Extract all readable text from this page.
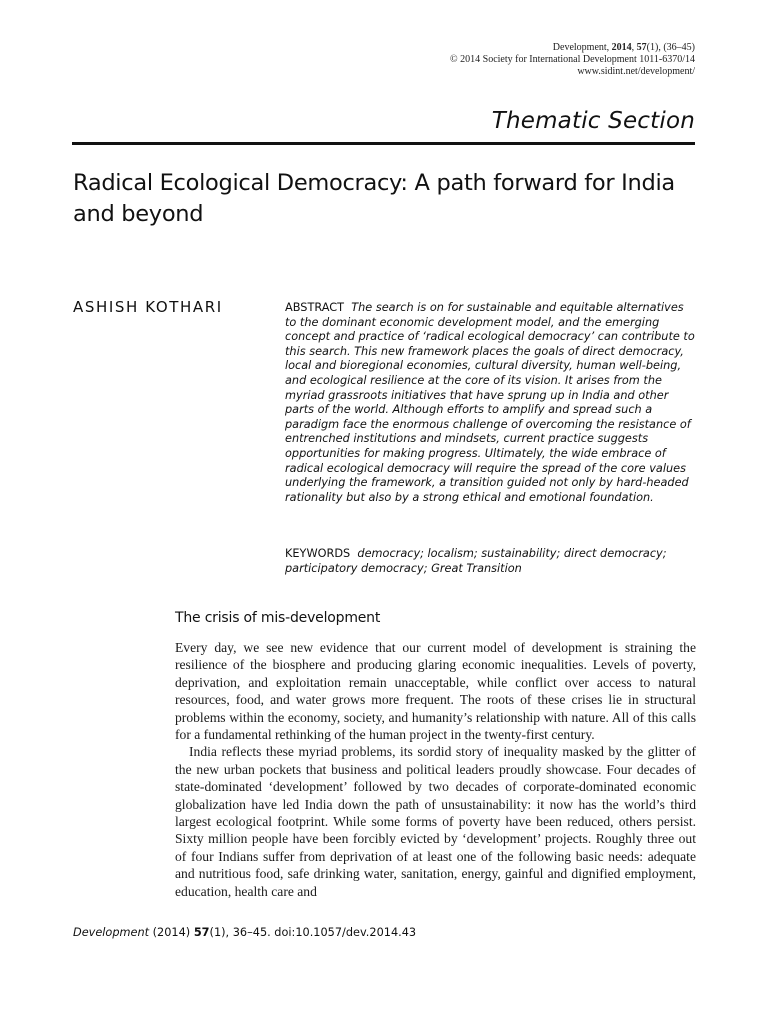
Development, 2014, 57(1), (36–45)
© 2014 Society for International Development 1011-6370/14
www.sidint.net/development/
Thematic Section
Radical Ecological Democracy: A path forward for India and beyond
ASHISH KOTHARI	ABSTRACT The search is on for sustainable and equitable alternatives to the dominant economic development model, and the emerging concept and practice of ‘radical ecological democracy’ can contribute to this search. This new framework places the goals of direct democracy, local and bioregional economies, cultural diversity, human well-being, and ecological resilience at the core of its vision. It arises from the myriad grassroots initiatives that have sprung up in India and other parts of the world. Although efforts to amplify and spread such a paradigm face the enormous challenge of overcoming the resistance of entrenched institutions and mindsets, current practice suggests opportunities for making progress. Ultimately, the wide embrace of radical ecological democracy will require the spread of the core values underlying the framework, a transition guided not only by hard-headed rationality but also by a strong ethical and emotional foundation.
KEYWORDS democracy; localism; sustainability; direct democracy; participatory democracy; Great Transition
The crisis of mis-development

Every day, we see new evidence that our current model of development is straining the resilience of the biosphere and producing glaring economic inequalities. Levels of poverty, deprivation, and exploitation remain unacceptable, while conflict over access to natural resources, food, and water grows more frequent. The roots of these crises lie in structural problems within the economy, society, and humanity’s relationship with nature. All of this calls for a fundamental rethinking of the human project in the twenty-first century.

India reflects these myriad problems, its sordid story of inequality masked by the glitter of the new urban pockets that business and political leaders proudly showcase. Four decades of state-dominated ‘development’ followed by two decades of corporate-dominated economic globalization have led India down the path of unsustainability: it now has the world’s third largest ecological footprint. While some forms of poverty have been reduced, others persist. Sixty million people have been forcibly evicted by ‘development’ projects. Roughly three out of four Indians suffer from deprivation of at least one of the following basic needs: adequate and nutritious food, safe drinking water, sanitation, energy, gainful and dignified employment, education, health care and

Development (2014) 57(1), 36–45. doi:10.1057/dev.2014.43
